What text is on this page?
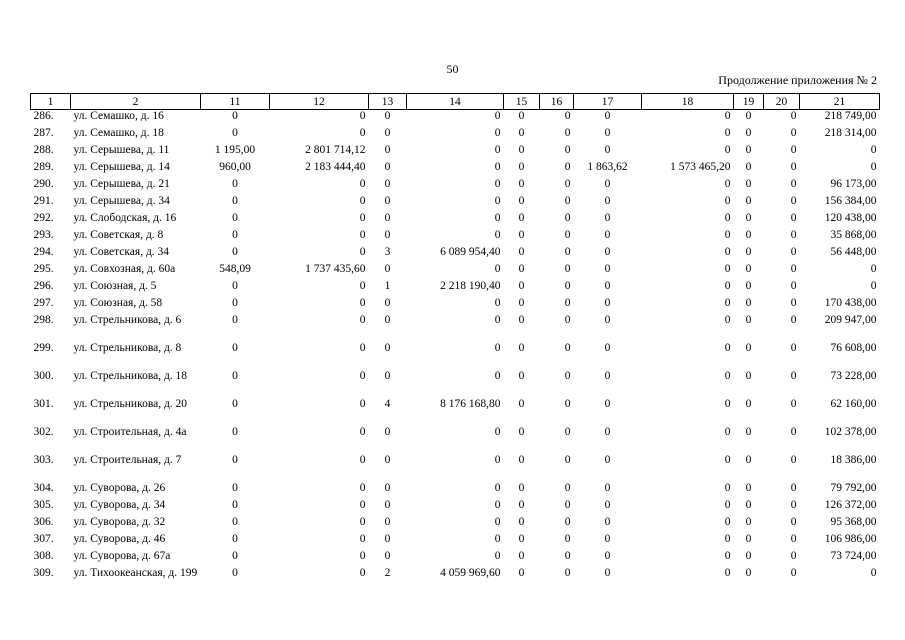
50
Продолжение приложения № 2
1	2	11	12	13	14	15	16	17	18	19	20	21
286.	ул. Семашко, д. 16	0	0	0	0	0	0	0	0	0	0	218 749,00
287.	ул. Семашко, д. 18	0	0	0	0	0	0	0	0	0	0	218 314,00
288.	ул. Серышева, д. 11	1 195,00	2 801 714,12	0	0	0	0	0	0	0	0	0
289.	ул. Серышева, д. 14	960,00	2 183 444,40	0	0	0	0	1 863,62	1 573 465,20	0	0	0
290.	ул. Серышева, д. 21	0	0	0	0	0	0	0	0	0	0	96 173,00
291.	ул. Серышева, д. 34	0	0	0	0	0	0	0	0	0	0	156 384,00
292.	ул. Слободская, д. 16	0	0	0	0	0	0	0	0	0	0	120 438,00
293.	ул. Советская, д. 8	0	0	0	0	0	0	0	0	0	0	35 868,00
294.	ул. Советская, д. 34	0	0	3	6 089 954,40	0	0	0	0	0	0	56 448,00
295.	ул. Совхозная, д. 60а	548,09	1 737 435,60	0	0	0	0	0	0	0	0	0
296.	ул. Союзная, д. 5	0	0	1	2 218 190,40	0	0	0	0	0	0	0
297.	ул. Союзная, д. 58	0	0	0	0	0	0	0	0	0	0	170 438,00
298.	ул. Стрельникова, д. 6	0	0	0	0	0	0	0	0	0	0	209 947,00
299.	ул. Стрельникова, д. 8	0	0	0	0	0	0	0	0	0	0	76 608,00
300.	ул. Стрельникова, д. 18	0	0	0	0	0	0	0	0	0	0	73 228,00
301.	ул. Стрельникова, д. 20	0	0	4	8 176 168,80	0	0	0	0	0	0	62 160,00
302.	ул. Строительная, д. 4а	0	0	0	0	0	0	0	0	0	0	102 378,00
303.	ул. Строительная, д. 7	0	0	0	0	0	0	0	0	0	0	18 386,00
304.	ул. Суворова, д. 26	0	0	0	0	0	0	0	0	0	0	79 792,00
305.	ул. Суворова, д. 34	0	0	0	0	0	0	0	0	0	0	126 372,00
306.	ул. Суворова, д. 32	0	0	0	0	0	0	0	0	0	0	95 368,00
307.	ул. Суворова, д. 46	0	0	0	0	0	0	0	0	0	0	106 986,00
308.	ул. Суворова, д. 67а	0	0	0	0	0	0	0	0	0	0	73 724,00
309.	ул. Тихоокеанская, д. 199	0	0	2	4 059 969,60	0	0	0	0	0	0	0
